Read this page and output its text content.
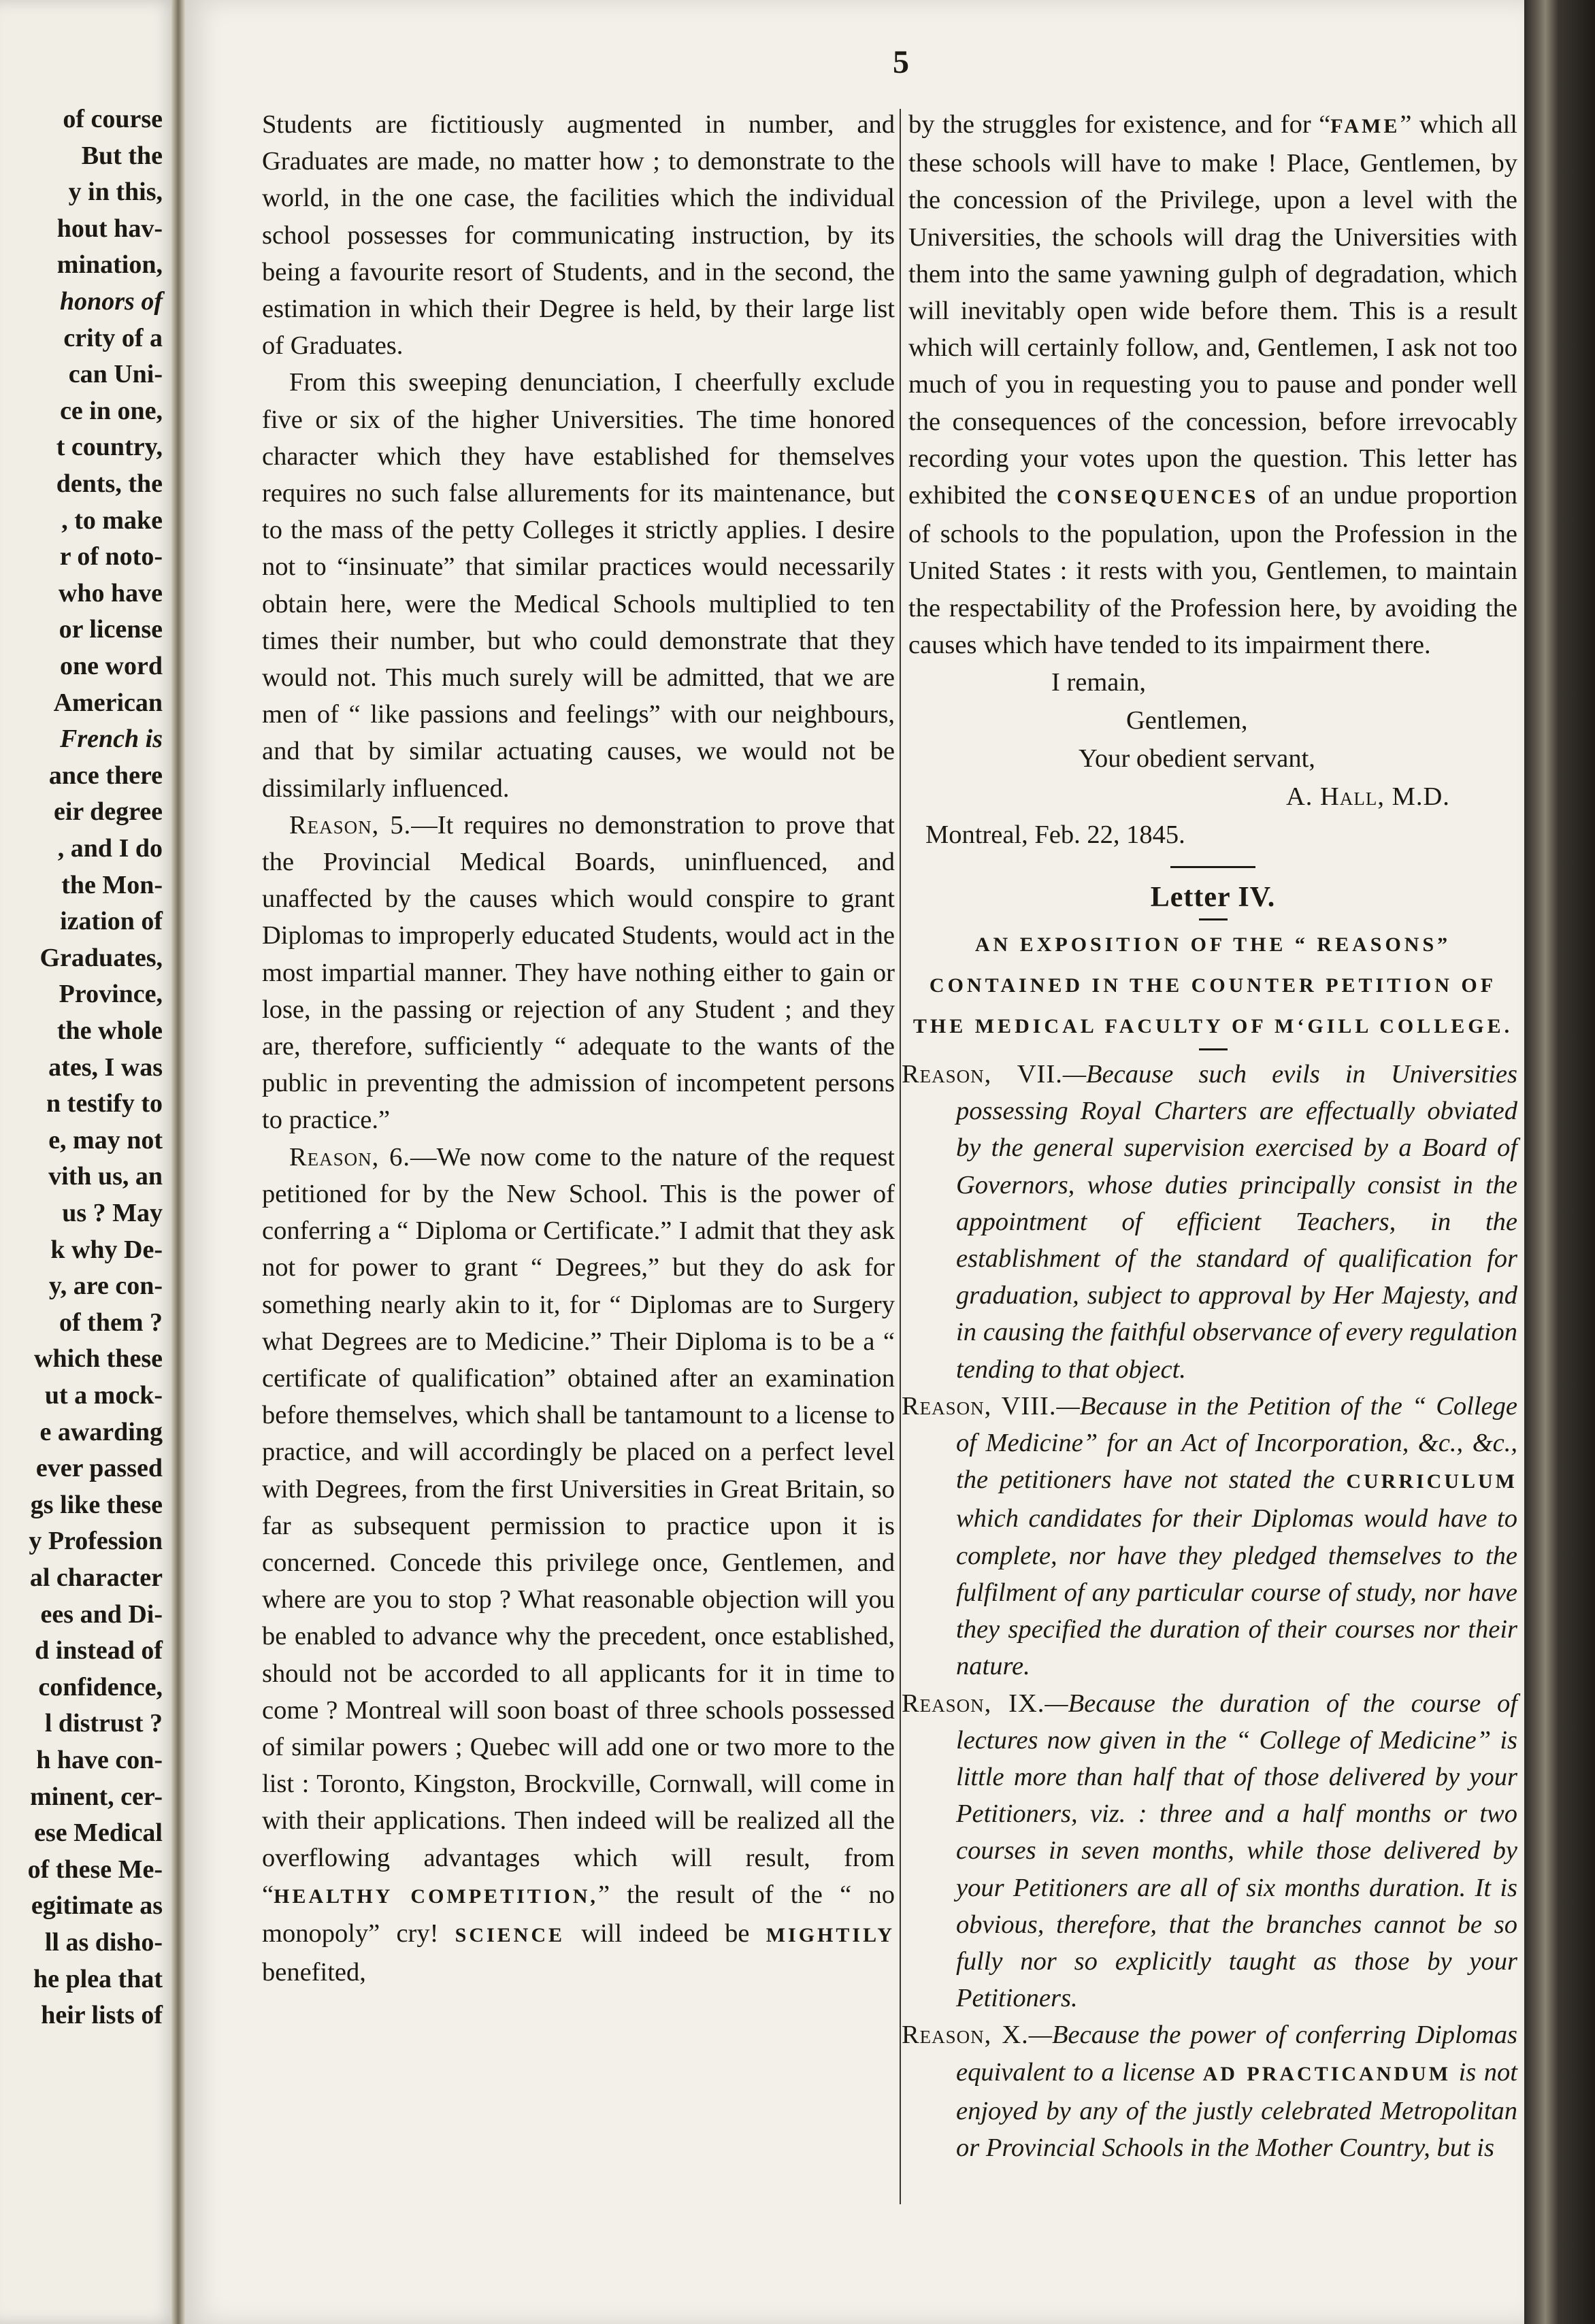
of course
But the
y in this,
hout hav-
mination,
honors of
crity of a
can Uni-
ce in one,
t country,
dents, the
, to make
r of noto-
who have
or license
one word
American
French is
ance there
eir degree
, and I do
the Mon-
ization of
Graduates,
Province,
the whole
ates, I was
n testify to
e, may not
vith us, an
us ? May
k why De-
y, are con-
of them ?
which these
ut a mock-
e awarding
ever passed
gs like these
y Profession
al character
ees and Di-
d instead of
confidence,
l distrust ?
h have con-
minent, cer-
ese Medical
of these Me-
egitimate as
ll as disho-
he plea that
heir lists of
5

Students are fictitiously augmented in number, and Graduates are made, no matter how ; to demonstrate to the world, in the one case, the facilities which the individual school possesses for communicating instruction, by its being a favourite resort of Students, and in the second, the estimation in which their Degree is held, by their large list of Graduates.

From this sweeping denunciation, I cheerfully exclude five or six of the higher Universities. The time honored character which they have established for themselves requires no such false allurements for its maintenance, but to the mass of the petty Colleges it strictly applies. I desire not to “insinuate” that similar practices would necessarily obtain here, were the Medical Schools multiplied to ten times their number, but who could demonstrate that they would not. This much surely will be admitted, that we are men of “ like passions and feelings” with our neighbours, and that by similar actuating causes, we would not be dissimilarly influenced.

Reason, 5.—It requires no demonstration to prove that the Provincial Medical Boards, uninfluenced, and unaffected by the causes which would conspire to grant Diplomas to improperly educated Students, would act in the most impartial manner. They have nothing either to gain or lose, in the passing or rejection of any Student ; and they are, therefore, sufficiently “ adequate to the wants of the public in preventing the admission of incompetent persons to practice.”

Reason, 6.—We now come to the nature of the request petitioned for by the New School. This is the power of conferring a “ Diploma or Certificate.” I admit that they ask not for power to grant “ Degrees,” but they do ask for something nearly akin to it, for “ Diplomas are to Surgery what Degrees are to Medicine.” Their Diploma is to be a “ certificate of qualification” obtained after an examination before themselves, which shall be tantamount to a license to practice, and will accordingly be placed on a perfect level with Degrees, from the first Universities in Great Britain, so far as subsequent permission to practice upon it is concerned. Concede this privilege once, Gentlemen, and where are you to stop ? What reasonable objection will you be enabled to advance why the precedent, once established, should not be accorded to all applicants for it in time to come ? Montreal will soon boast of three schools possessed of similar powers ; Quebec will add one or two more to the list : Toronto, Kingston, Brockville, Cornwall, will come in with their applications. Then indeed will be realized all the overflowing advantages which will result, from “HEALTHY COMPETITION,” the result of the “ no monopoly” cry! SCIENCE will indeed be MIGHTILY benefited,

by the struggles for existence, and for “FAME” which all these schools will have to make ! Place, Gentlemen, by the concession of the Privilege, upon a level with the Universities, the schools will drag the Universities with them into the same yawning gulph of degradation, which will inevitably open wide before them. This is a result which will certainly follow, and, Gentlemen, I ask not too much of you in requesting you to pause and ponder well the consequences of the concession, before irrevocably recording your votes upon the question. This letter has exhibited the CONSEQUENCES of an undue proportion of schools to the population, upon the Profession in the United States : it rests with you, Gentlemen, to maintain the respectability of the Profession here, by avoiding the causes which have tended to its impairment there.

I remain,
Gentlemen,
Your obedient servant,
A. Hall, M.D.
Montreal, Feb. 22, 1845.
Letter IV.
AN EXPOSITION OF THE “ REASONS” CONTAINED IN THE COUNTER PETITION OF THE MEDICAL FACULTY OF M‘GILL COLLEGE.

Reason, VII.—Because such evils in Universities possessing Royal Charters are effectually obviated by the general supervision exercised by a Board of Governors, whose duties principally consist in the appointment of efficient Teachers, in the establishment of the standard of qualification for graduation, subject to approval by Her Majesty, and in causing the faithful observance of every regulation tending to that object.

Reason, VIII.—Because in the Petition of the “ College of Medicine” for an Act of Incorporation, &c., &c., the petitioners have not stated the CURRICULUM which candidates for their Diplomas would have to complete, nor have they pledged themselves to the fulfilment of any particular course of study, nor have they specified the duration of their courses nor their nature.

Reason, IX.—Because the duration of the course of lectures now given in the “ College of Medicine” is little more than half that of those delivered by your Petitioners, viz. : three and a half months or two courses in seven months, while those delivered by your Petitioners are all of six months duration. It is obvious, therefore, that the branches cannot be so fully nor so explicitly taught as those by your Petitioners.

Reason, X.—Because the power of conferring Diplomas equivalent to a license AD PRACTICANDUM is not enjoyed by any of the justly celebrated Metropolitan or Provincial Schools in the Mother Country, but is
